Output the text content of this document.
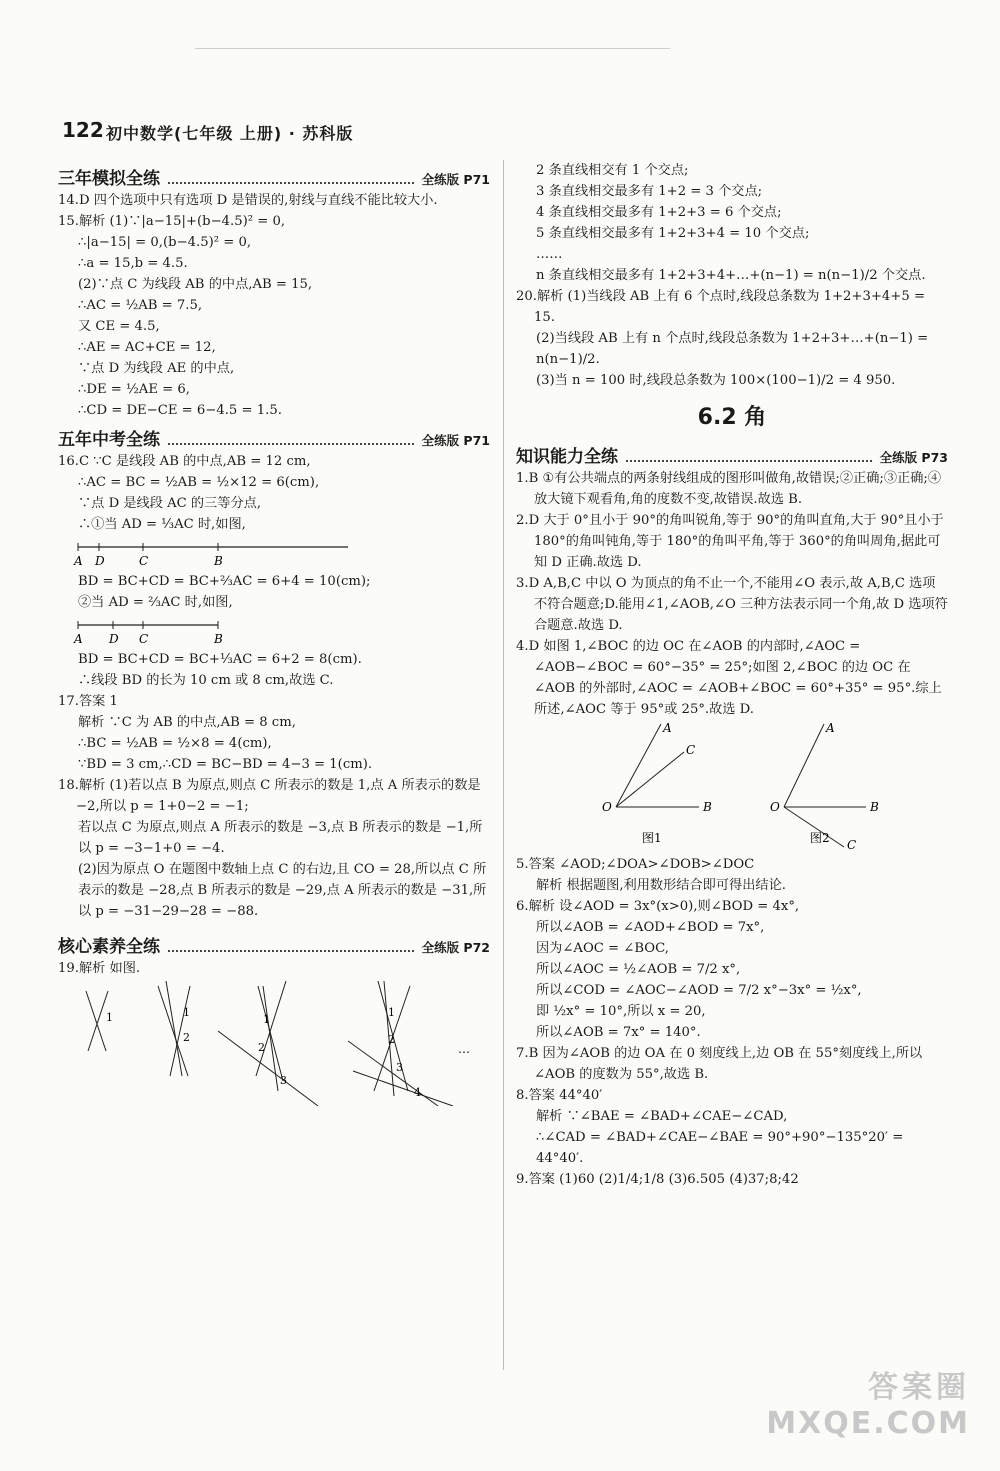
122 初中数学(七年级 上册) · 苏科版
三年模拟全练	全练版 P71

14.D 四个选项中只有选项 D 是错误的,射线与直线不能比较大小.

15.解析 (1)∵|a−15|+(b−4.5)² = 0,

∴|a−15| = 0,(b−4.5)² = 0,

∴a = 15,b = 4.5.

(2)∵点 C 为线段 AB 的中点,AB = 15,

∴AC = ½AB = 7.5,

又 CE = 4.5,

∴AE = AC+CE = 12,

∵点 D 为线段 AE 的中点,

∴DE = ½AE = 6,

∴CD = DE−CE = 6−4.5 = 1.5.

五年中考全练	全练版 P71

16.C ∵C 是线段 AB 的中点,AB = 12 cm,

∴AC = BC = ½AB = ½×12 = 6(cm),

∵点 D 是线段 AC 的三等分点,

∴①当 AD = ⅓AC 时,如图,

A D	C	B

BD = BC+CD = BC+⅔AC = 6+4 = 10(cm);

②当 AD = ⅔AC 时,如图,

A D C	B

BD = BC+CD = BC+⅓AC = 6+2 = 8(cm).

∴线段 BD 的长为 10 cm 或 8 cm,故选 C.

17.答案 1

解析 ∵C 为 AB 的中点,AB = 8 cm,

∴BC = ½AB = ½×8 = 4(cm),

∵BD = 3 cm,∴CD = BC−BD = 4−3 = 1(cm).

18.解析 (1)若以点 B 为原点,则点 C 所表示的数是 1,点 A 所表示的数是 −2,所以 p = 1+0−2 = −1;

若以点 C 为原点,则点 A 所表示的数是 −3,点 B 所表示的数是 −1,所以 p = −3−1+0 = −4.

(2)因为原点 O 在题图中数轴上点 C 的右边,且 CO = 28,所以点 C 所表示的数是 −28,点 B 所表示的数是 −29,点 A 所表示的数是 −31,所以 p = −31−29−28 = −88.

核心素养全练	全练版 P72

19.解析 如图.

1	1
2
1
2
3
1
2
3
4
…

2 条直线相交有 1 个交点;

3 条直线相交最多有 1+2 = 3 个交点;

4 条直线相交最多有 1+2+3 = 6 个交点;

5 条直线相交最多有 1+2+3+4 = 10 个交点;

……

n 条直线相交最多有 1+2+3+4+…+(n−1) = n(n−1)/2 个交点.

20.解析 (1)当线段 AB 上有 6 个点时,线段总条数为 1+2+3+4+5 = 15.

(2)当线段 AB 上有 n 个点时,线段总条数为 1+2+3+…+(n−1) = n(n−1)/2.

(3)当 n = 100 时,线段总条数为 100×(100−1)/2 = 4 950.

6.2 角
知识能力全练	全练版 P73

1.B ①有公共端点的两条射线组成的图形叫做角,故错误;②正确;③正确;④放大镜下观看角,角的度数不变,故错误.故选 B.

2.D 大于 0°且小于 90°的角叫锐角,等于 90°的角叫直角,大于 90°且小于 180°的角叫钝角,等于 180°的角叫平角,等于 360°的角叫周角,据此可知 D 正确.故选 D.

3.D A,B,C 中以 O 为顶点的角不止一个,不能用∠O 表示,故 A,B,C 选项不符合题意;D.能用∠1,∠AOB,∠O 三种方法表示同一个角,故 D 选项符合题意.故选 D.

4.D 如图 1,∠BOC 的边 OC 在∠AOB 的内部时,∠AOC = ∠AOB−∠BOC = 60°−35° = 25°;如图 2,∠BOC 的边 OC 在∠AOB 的外部时,∠AOC = ∠AOB+∠BOC = 60°+35° = 95°.综上所述,∠AOC 等于 95°或 25°.故选 D.

A
C
B
O
图1
A
B
C
O
图2

5.答案 ∠AOD;∠DOA>∠DOB>∠DOC

解析 根据题图,利用数形结合即可得出结论.

6.解析 设∠AOD = 3x°(x>0),则∠BOD = 4x°,

所以∠AOB = ∠AOD+∠BOD = 7x°,

因为∠AOC = ∠BOC,

所以∠AOC = ½∠AOB = 7/2 x°,

所以∠COD = ∠AOC−∠AOD = 7/2 x°−3x° = ½x°,

即 ½x° = 10°,所以 x = 20,

所以∠AOB = 7x° = 140°.

7.B 因为∠AOB 的边 OA 在 0 刻度线上,边 OB 在 55°刻度线上,所以∠AOB 的度数为 55°,故选 B.

8.答案 44°40′

解析 ∵∠BAE = ∠BAD+∠CAE−∠CAD,

∴∠CAD = ∠BAD+∠CAE−∠BAE = 90°+90°−135°20′ = 44°40′.

9.答案 (1)60 (2)1/4;1/8 (3)6.505 (4)37;8;42

答案圈
MXQE.COM
